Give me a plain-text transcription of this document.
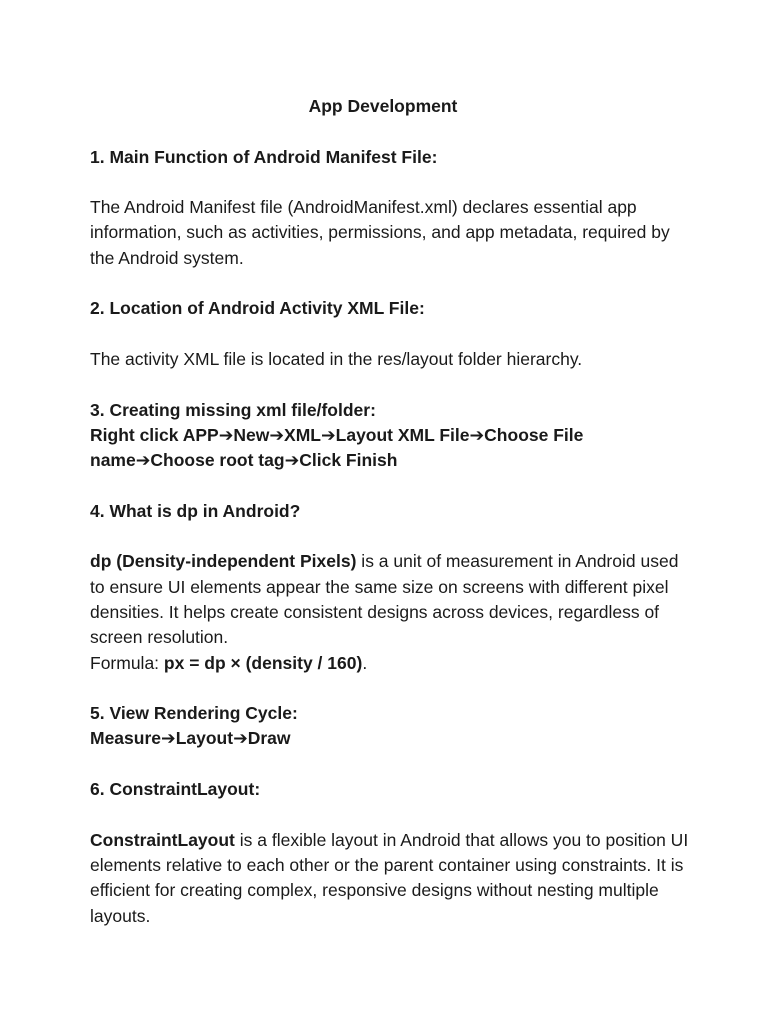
App Development

1. Main Function of Android Manifest File:

The Android Manifest file (AndroidManifest.xml) declares essential app information, such as activities, permissions, and app metadata, required by the Android system.

2. Location of Android Activity XML File:

The activity XML file is located in the res/layout folder hierarchy.

3. Creating missing xml file/folder:

Right click APP➔New➔XML➔Layout XML File➔Choose File name➔Choose root tag➔Click Finish

4. What is dp in Android?

dp (Density-independent Pixels) is a unit of measurement in Android used to ensure UI elements appear the same size on screens with different pixel densities. It helps create consistent designs across devices, regardless of screen resolution.

Formula: px = dp × (density / 160).

5. View Rendering Cycle:

Measure➔Layout➔Draw

6. ConstraintLayout:

ConstraintLayout is a flexible layout in Android that allows you to position UI elements relative to each other or the parent container using constraints. It is efficient for creating complex, responsive designs without nesting multiple layouts.
